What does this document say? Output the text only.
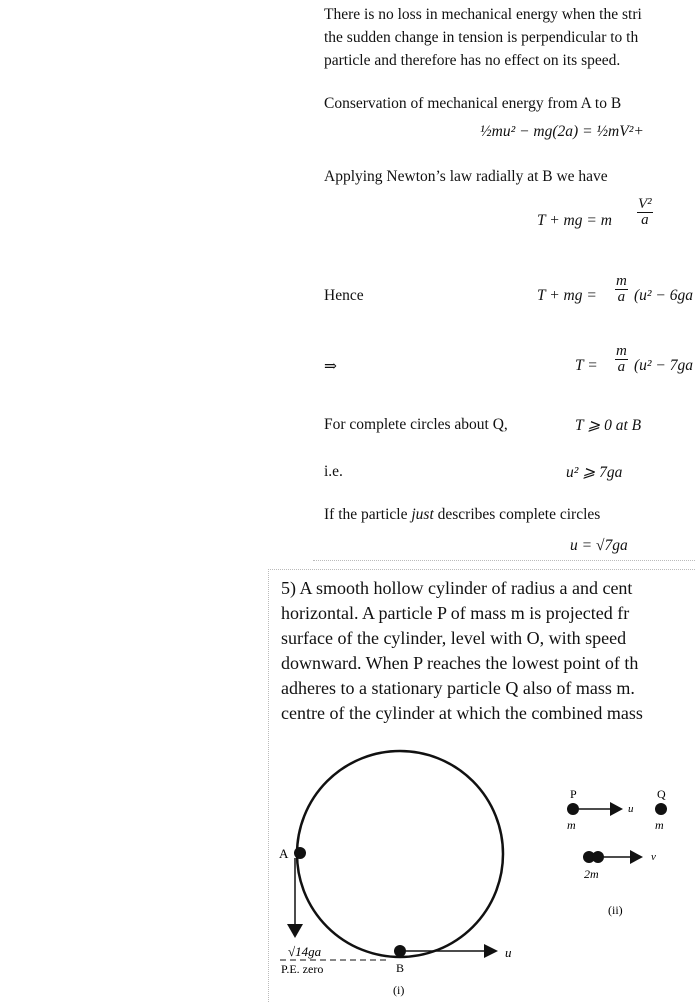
There is no loss in mechanical energy when the stri
the sudden change in tension is perpendicular to th
particle and therefore has no effect on its speed.
Conservation of mechanical energy from A to B
½mu² − mg(2a) = ½mV²+
Applying Newton’s law radially at B we have
T + mg = m $\frac{\text{V²}}{a}$
Hence	T + mg = $\frac{m}{a} (u^2 - 6ga$
⇒	$T = \frac{m}{a} (u^2 - 7ga$
For complete circles about Q,	T ⩾ 0 at B
i.e.	u² ⩾ 7ga
If the particle just describes complete circles
u = √7ga
5) A smooth hollow cylinder of radius a and cent
horizontal. A particle P of mass m is projected fr
surface of the cylinder, level with O, with speed
downward. When P reaches the lowest point of th
adheres to a stationary particle Q also of mass m.
centre of the cylinder at which the combined mass
A
√14ga
P.E. zero
u
B
(i)
P	Q
u
m	m
v
2m
(ii)
